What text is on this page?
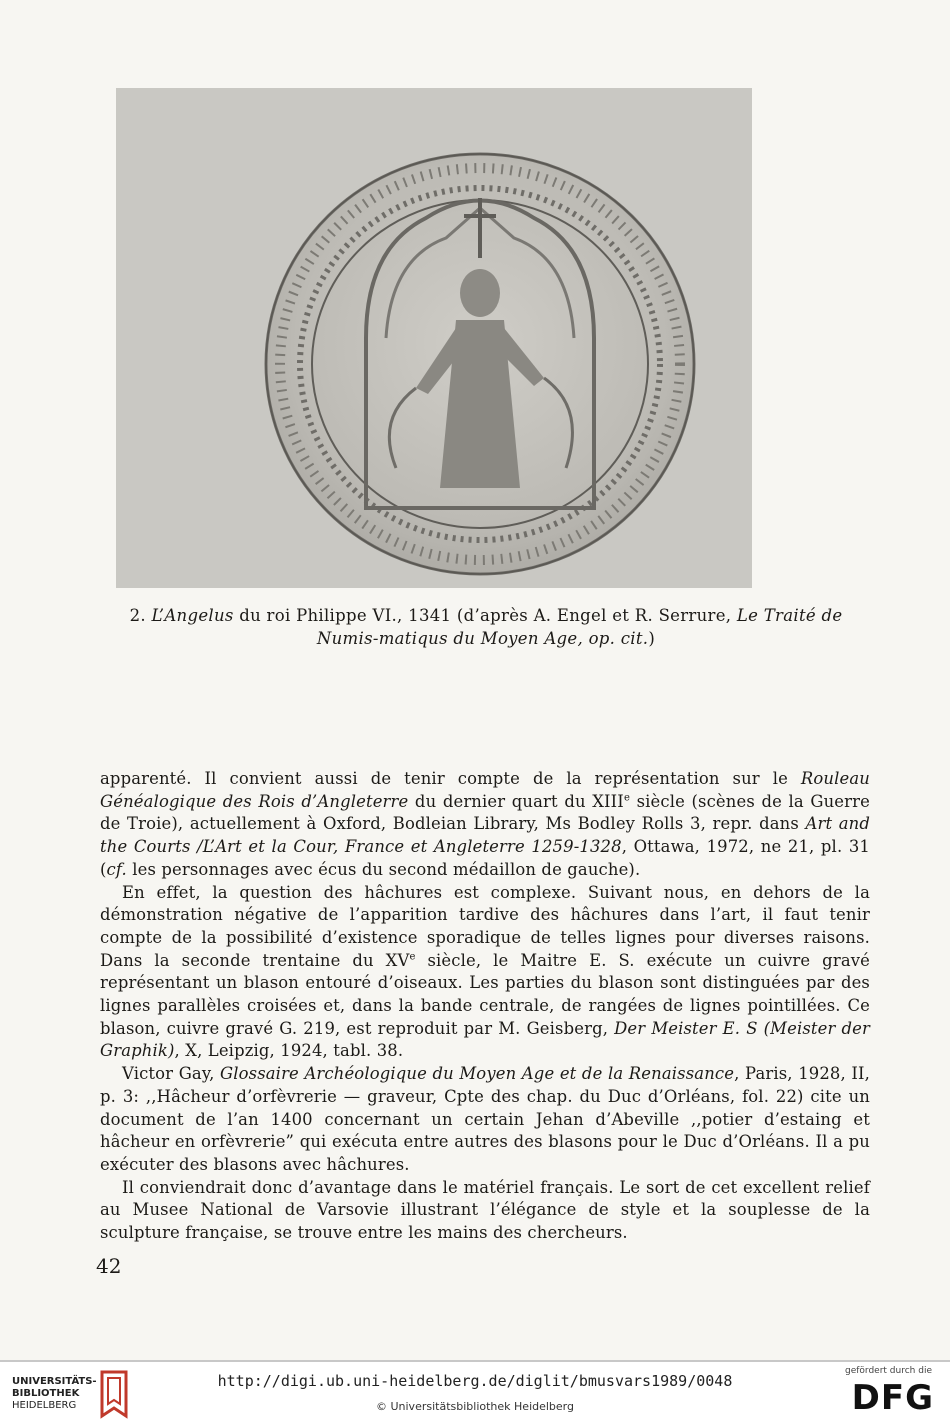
2. L’Angelus du roi Philippe VI., 1341 (d’après A. Engel et R. Serrure, Le Traité de Numis-matiqus du Moyen Age, op. cit.)

apparenté. Il convient aussi de tenir compte de la représentation sur le Rouleau Généalogique des Rois d’Angleterre du dernier quart du XIIIe siècle (scènes de la Guerre de Troie), actuellement à Oxford, Bodleian Library, Ms Bodley Rolls 3, repr. dans Art and the Courts /L’Art et la Cour, France et Angleterre 1259-1328, Ottawa, 1972, ne 21, pl. 31 (cf. les personnages avec écus du second médaillon de gauche).

En effet, la question des hâchures est complexe. Suivant nous, en dehors de la démonstration négative de l’apparition tardive des hâchures dans l’art, il faut tenir compte de la possibilité d’existence sporadique de telles lignes pour diverses raisons. Dans la seconde trentaine du XVe siècle, le Maitre E. S. exécute un cuivre gravé représentant un blason entouré d’oiseaux. Les parties du blason sont distinguées par des lignes parallèles croisées et, dans la bande centrale, de rangées de lignes pointillées. Ce blason, cuivre gravé G. 219, est reproduit par M. Geisberg, Der Meister E. S (Meister der Graphik), X, Leipzig, 1924, tabl. 38.

Victor Gay, Glossaire Archéologique du Moyen Age et de la Renaissance, Paris, 1928, II, p. 3: ,,Hâcheur d’orfèvrerie — graveur, Cpte des chap. du Duc d’Orléans, fol. 22) cite un document de l’an 1400 concernant un certain Jehan d’Abeville ,,potier d’estaing et hâcheur en orfèvrerie” qui exécuta entre autres des blasons pour le Duc d’Orléans. Il a pu exécuter des blasons avec hâchures.

Il conviendrait donc d’avantage dans le matériel français. Le sort de cet excellent relief au Musee National de Varsovie illustrant l’élégance de style et la souplesse de la sculpture française, se trouve entre les mains des chercheurs.

42
UNIVERSITÄTS-
BIBLIOTHEK
HEIDELBERG
http://digi.ub.uni-heidelberg.de/diglit/bmusvars1989/0048
© Universitätsbibliothek Heidelberg
gefördert durch die
DFG
